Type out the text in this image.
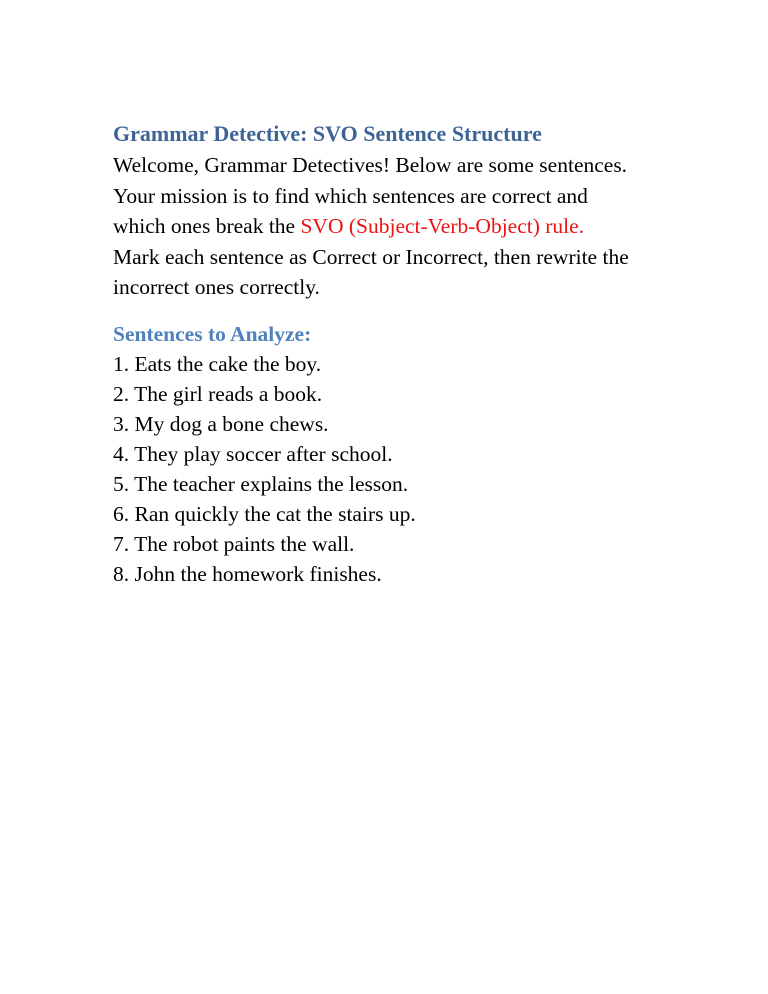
Grammar Detective: SVO Sentence Structure

Welcome, Grammar Detectives! Below are some sentences.
Your mission is to find which sentences are correct and
which ones break the SVO (Subject-Verb-Object) rule.
Mark each sentence as Correct or Incorrect, then rewrite the
incorrect ones correctly.

Sentences to Analyze:
1. Eats the cake the boy.
2. The girl reads a book.
3. My dog a bone chews.
4. They play soccer after school.
5. The teacher explains the lesson.
6. Ran quickly the cat the stairs up.
7. The robot paints the wall.
8. John the homework finishes.
